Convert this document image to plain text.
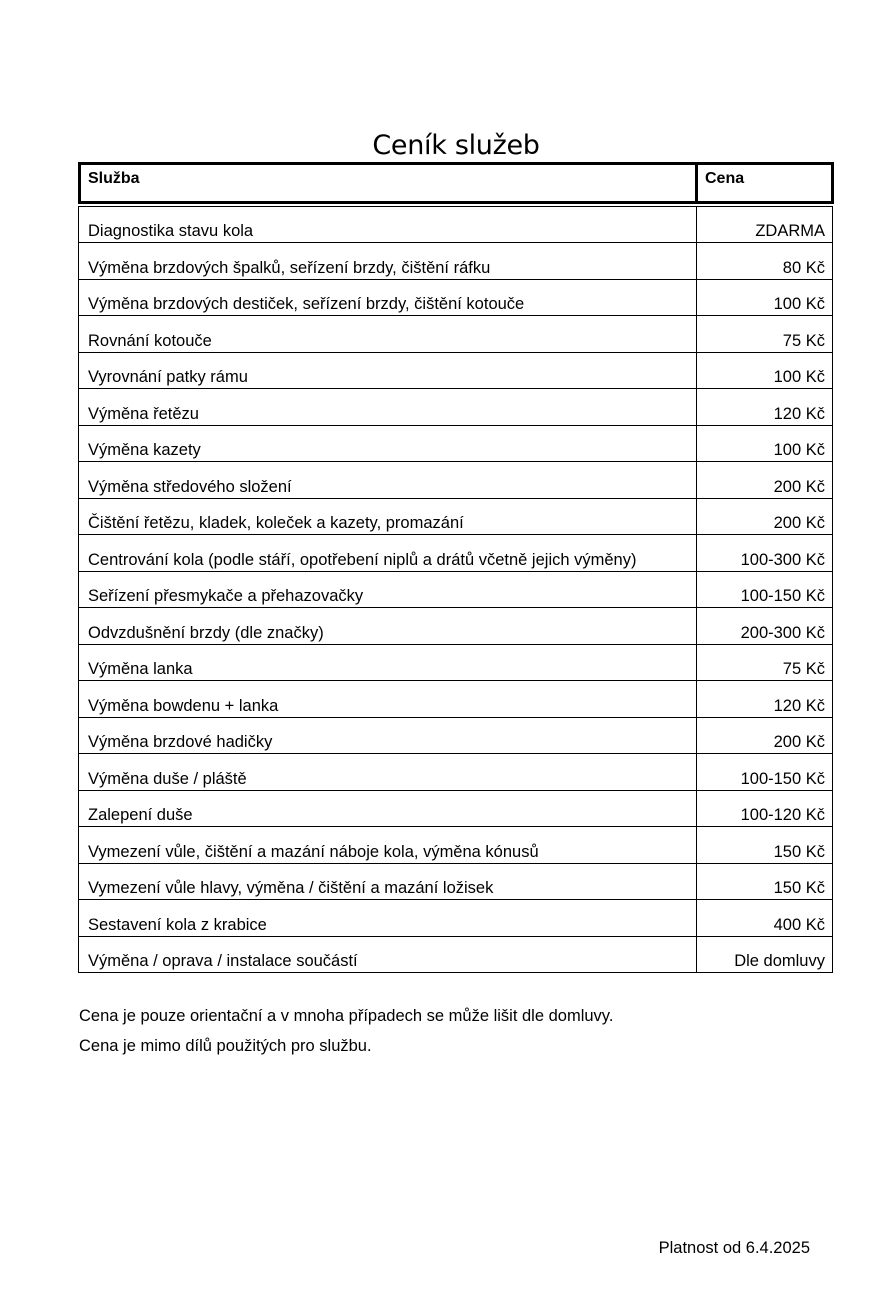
Ceník služeb
Služba	Cena
Diagnostika stavu kola	ZDARMA
Výměna brzdových špalků, seřízení brzdy, čištění ráfku	80 Kč
Výměna brzdových destiček, seřízení brzdy, čištění kotouče	100 Kč
Rovnání kotouče	75 Kč
Vyrovnání patky rámu	100 Kč
Výměna řetězu	120 Kč
Výměna kazety	100 Kč
Výměna středového složení	200 Kč
Čištění řetězu, kladek, koleček a kazety, promazání	200 Kč
Centrování kola (podle stáří, opotřebení niplů a drátů včetně jejich výměny)	100-300 Kč
Seřízení přesmykače a přehazovačky	100-150 Kč
Odvzdušnění brzdy (dle značky)	200-300 Kč
Výměna lanka	75 Kč
Výměna bowdenu + lanka	120 Kč
Výměna brzdové hadičky	200 Kč
Výměna duše / pláště	100-150 Kč
Zalepení duše	100-120 Kč
Vymezení vůle, čištění a mazání náboje kola, výměna kónusů	150 Kč
Vymezení vůle hlavy, výměna / čištění a mazání ložisek	150 Kč
Sestavení kola z krabice	400 Kč
Výměna / oprava / instalace součástí	Dle domluvy

Cena je pouze orientační a v mnoha případech se může lišit dle domluvy.

Cena je mimo dílů použitých pro službu.

Platnost od 6.4.2025
